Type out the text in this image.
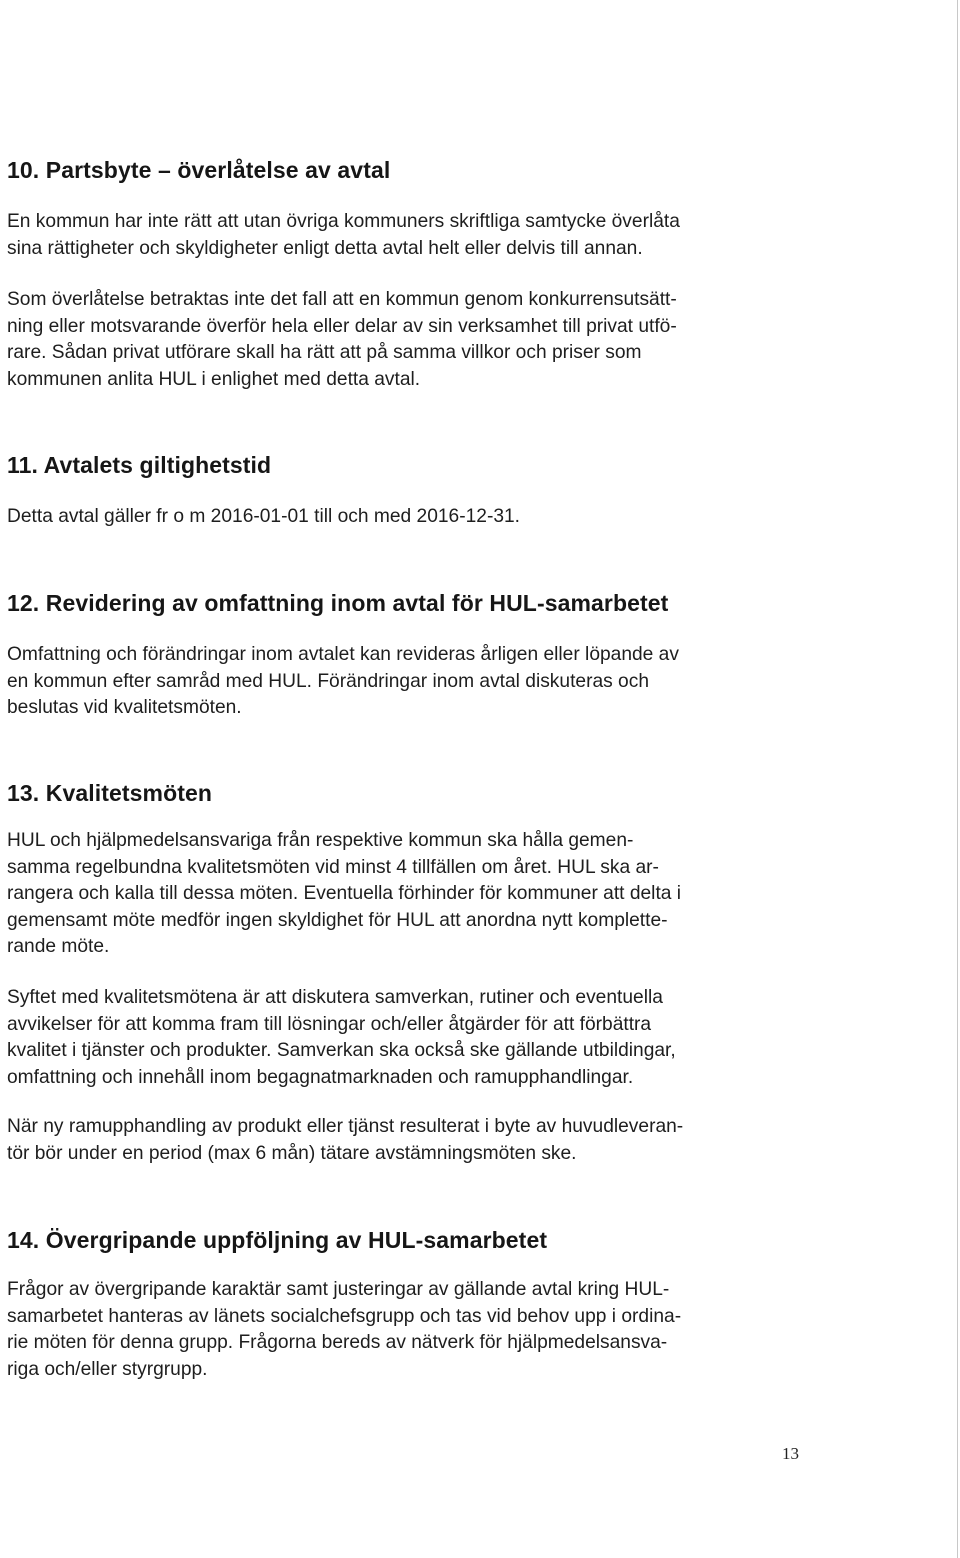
10. Partsbyte – överlåtelse av avtal
En kommun har inte rätt att utan övriga kommuners skriftliga samtycke överlåta
sina rättigheter och skyldigheter enligt detta avtal helt eller delvis till annan.
Som överlåtelse betraktas inte det fall att en kommun genom konkurrensutsätt-
ning eller motsvarande överför hela eller delar av sin verksamhet till privat utfö-
rare. Sådan privat utförare skall ha rätt att på samma villkor och priser som
kommunen anlita HUL i enlighet med detta avtal.
11. Avtalets giltighetstid
Detta avtal gäller fr o m 2016-01-01 till och med 2016-12-31.
12. Revidering av omfattning inom avtal för HUL-samarbetet
Omfattning och förändringar inom avtalet kan revideras årligen eller löpande av
en kommun efter samråd med HUL. Förändringar inom avtal diskuteras och
beslutas vid kvalitetsmöten.
13. Kvalitetsmöten
HUL och hjälpmedelsansvariga från respektive kommun ska hålla gemen-
samma regelbundna kvalitetsmöten vid minst 4 tillfällen om året. HUL ska ar-
rangera och kalla till dessa möten. Eventuella förhinder för kommuner att delta i
gemensamt möte medför ingen skyldighet för HUL att anordna nytt komplette-
rande möte.
Syftet med kvalitetsmötena är att diskutera samverkan, rutiner och eventuella
avvikelser för att komma fram till lösningar och/eller åtgärder för att förbättra
kvalitet i tjänster och produkter. Samverkan ska också ske gällande utbildingar,
omfattning och innehåll inom begagnatmarknaden och ramupphandlingar.
När ny ramupphandling av produkt eller tjänst resulterat i byte av huvudleveran-
tör bör under en period (max 6 mån) tätare avstämningsmöten ske.
14. Övergripande uppföljning av HUL-samarbetet
Frågor av övergripande karaktär samt justeringar av gällande avtal kring HUL-
samarbetet hanteras av länets socialchefsgrupp och tas vid behov upp i ordina-
rie möten för denna grupp. Frågorna bereds av nätverk för hjälpmedelsansva-
riga och/eller styrgrupp.
13
